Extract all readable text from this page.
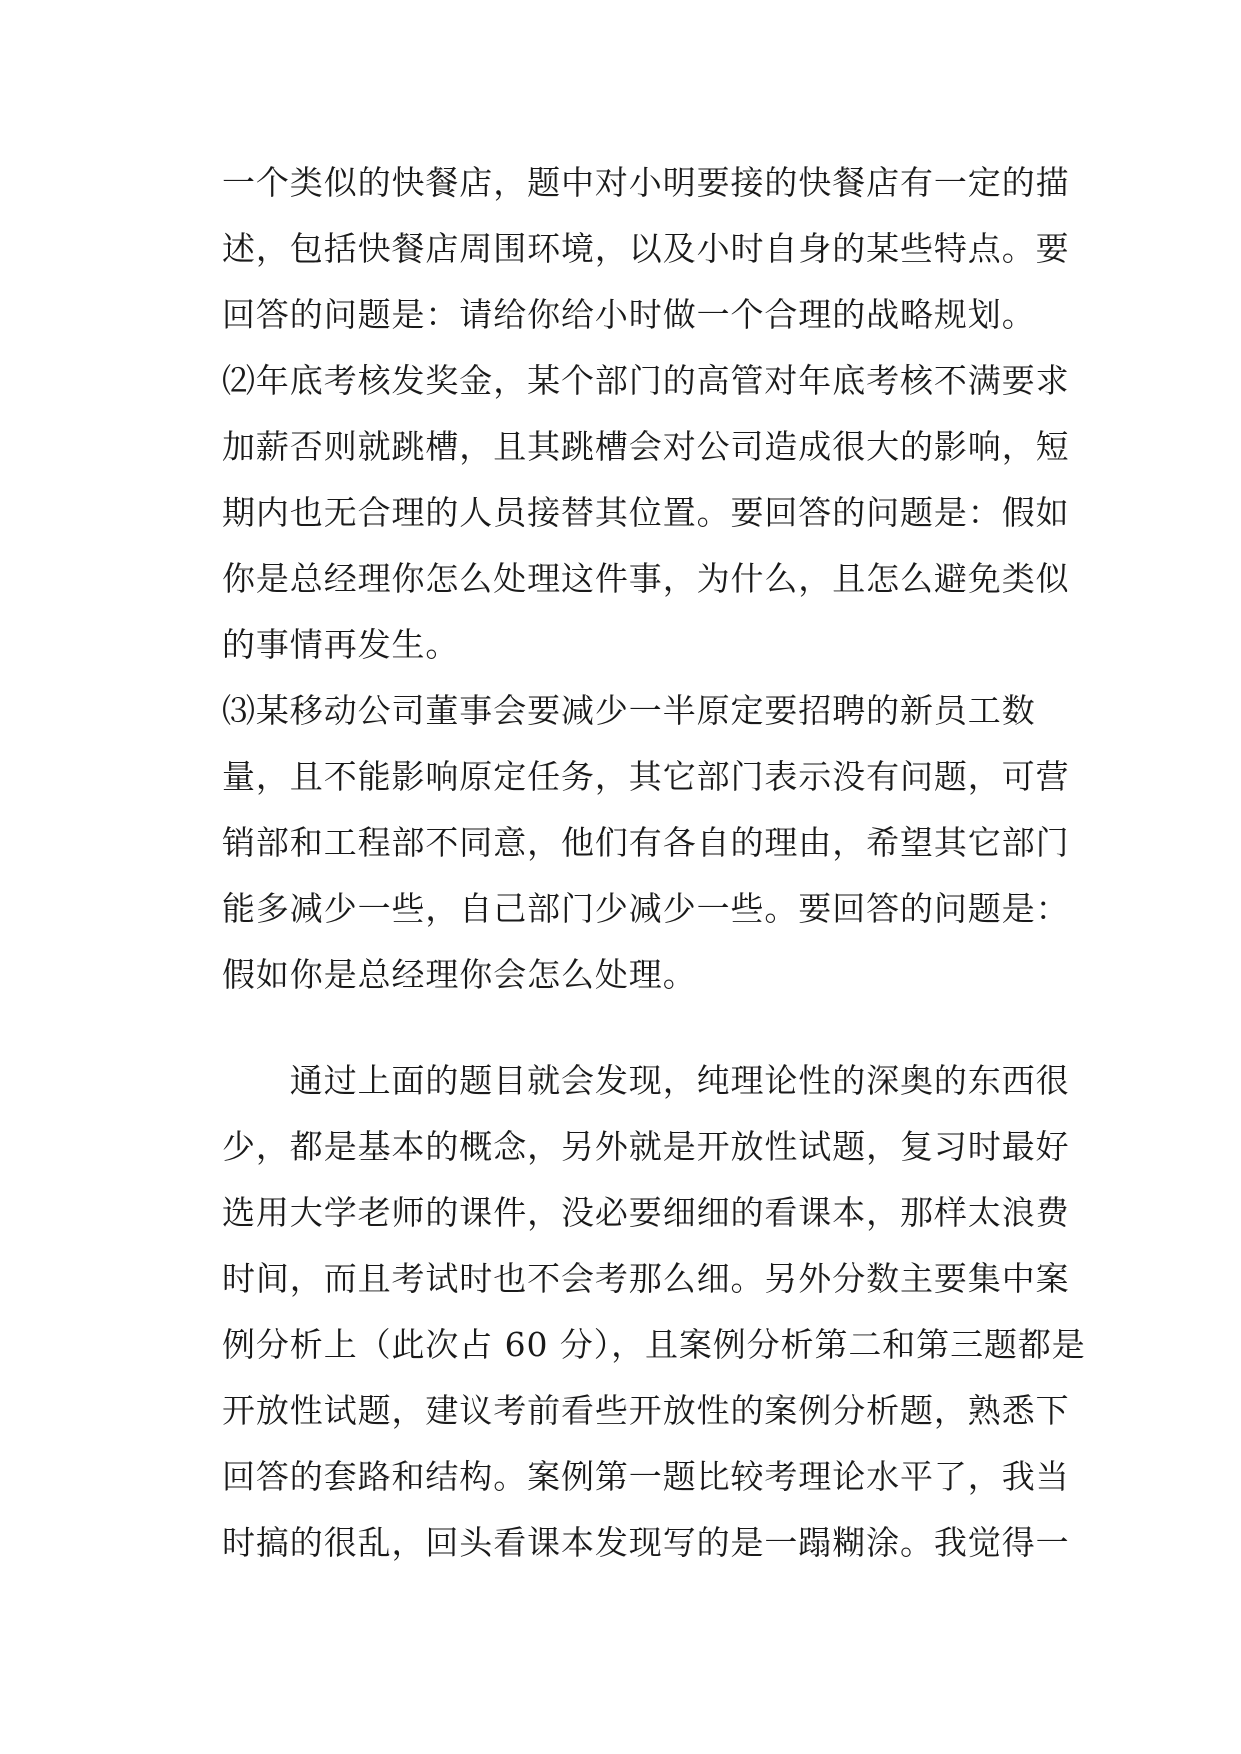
一个类似的快餐店，题中对小明要接的快餐店有一定的描
述，包括快餐店周围环境，以及小时自身的某些特点。要
回答的问题是：请给你给小时做一个合理的战略规划。
⑵年底考核发奖金，某个部门的高管对年底考核不满要求
加薪否则就跳槽，且其跳槽会对公司造成很大的影响，短
期内也无合理的人员接替其位置。要回答的问题是：假如
你是总经理你怎么处理这件事，为什么，且怎么避免类似
的事情再发生。
⑶某移动公司董事会要减少一半原定要招聘的新员工数
量，且不能影响原定任务，其它部门表示没有问题，可营
销部和工程部不同意，他们有各自的理由，希望其它部门
能多减少一些，自己部门少减少一些。要回答的问题是：
假如你是总经理你会怎么处理。
　　通过上面的题目就会发现，纯理论性的深奥的东西很
少，都是基本的概念，另外就是开放性试题，复习时最好
选用大学老师的课件，没必要细细的看课本，那样太浪费
时间，而且考试时也不会考那么细。另外分数主要集中案
例分析上（此次占 60 分），且案例分析第二和第三题都是
开放性试题，建议考前看些开放性的案例分析题，熟悉下
回答的套路和结构。案例第一题比较考理论水平了，我当
时搞的很乱，回头看课本发现写的是一蹋糊涂。我觉得一
